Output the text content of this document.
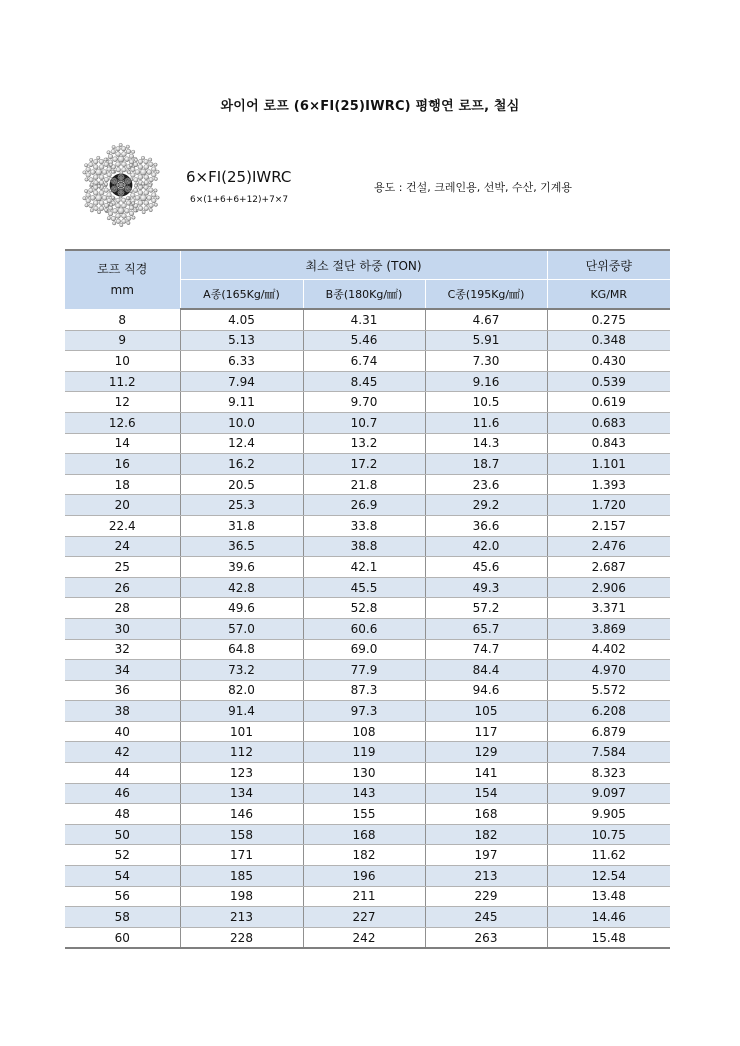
와이어 로프 (6×FI(25)IWRC) 평행연 로프, 철심
6×FI(25)IWRC
6×(1+6+6+12)+7×7
용도 : 건설, 크레인용, 선박, 수산, 기계용
로프 직경
mm	최소 절단 하중 (TON)			단위중량
	A종(165Kg/㎟)	B종(180Kg/㎟)	C종(195Kg/㎟)	KG/MR
8	4.05	4.31	4.67	0.275
9	5.13	5.46	5.91	0.348
10	6.33	6.74	7.30	0.430
11.2	7.94	8.45	9.16	0.539
12	9.11	9.70	10.5	0.619
12.6	10.0	10.7	11.6	0.683
14	12.4	13.2	14.3	0.843
16	16.2	17.2	18.7	1.101
18	20.5	21.8	23.6	1.393
20	25.3	26.9	29.2	1.720
22.4	31.8	33.8	36.6	2.157
24	36.5	38.8	42.0	2.476
25	39.6	42.1	45.6	2.687
26	42.8	45.5	49.3	2.906
28	49.6	52.8	57.2	3.371
30	57.0	60.6	65.7	3.869
32	64.8	69.0	74.7	4.402
34	73.2	77.9	84.4	4.970
36	82.0	87.3	94.6	5.572
38	91.4	97.3	105	6.208
40	101	108	117	6.879
42	112	119	129	7.584
44	123	130	141	8.323
46	134	143	154	9.097
48	146	155	168	9.905
50	158	168	182	10.75
52	171	182	197	11.62
54	185	196	213	12.54
56	198	211	229	13.48
58	213	227	245	14.46
60	228	242	263	15.48
